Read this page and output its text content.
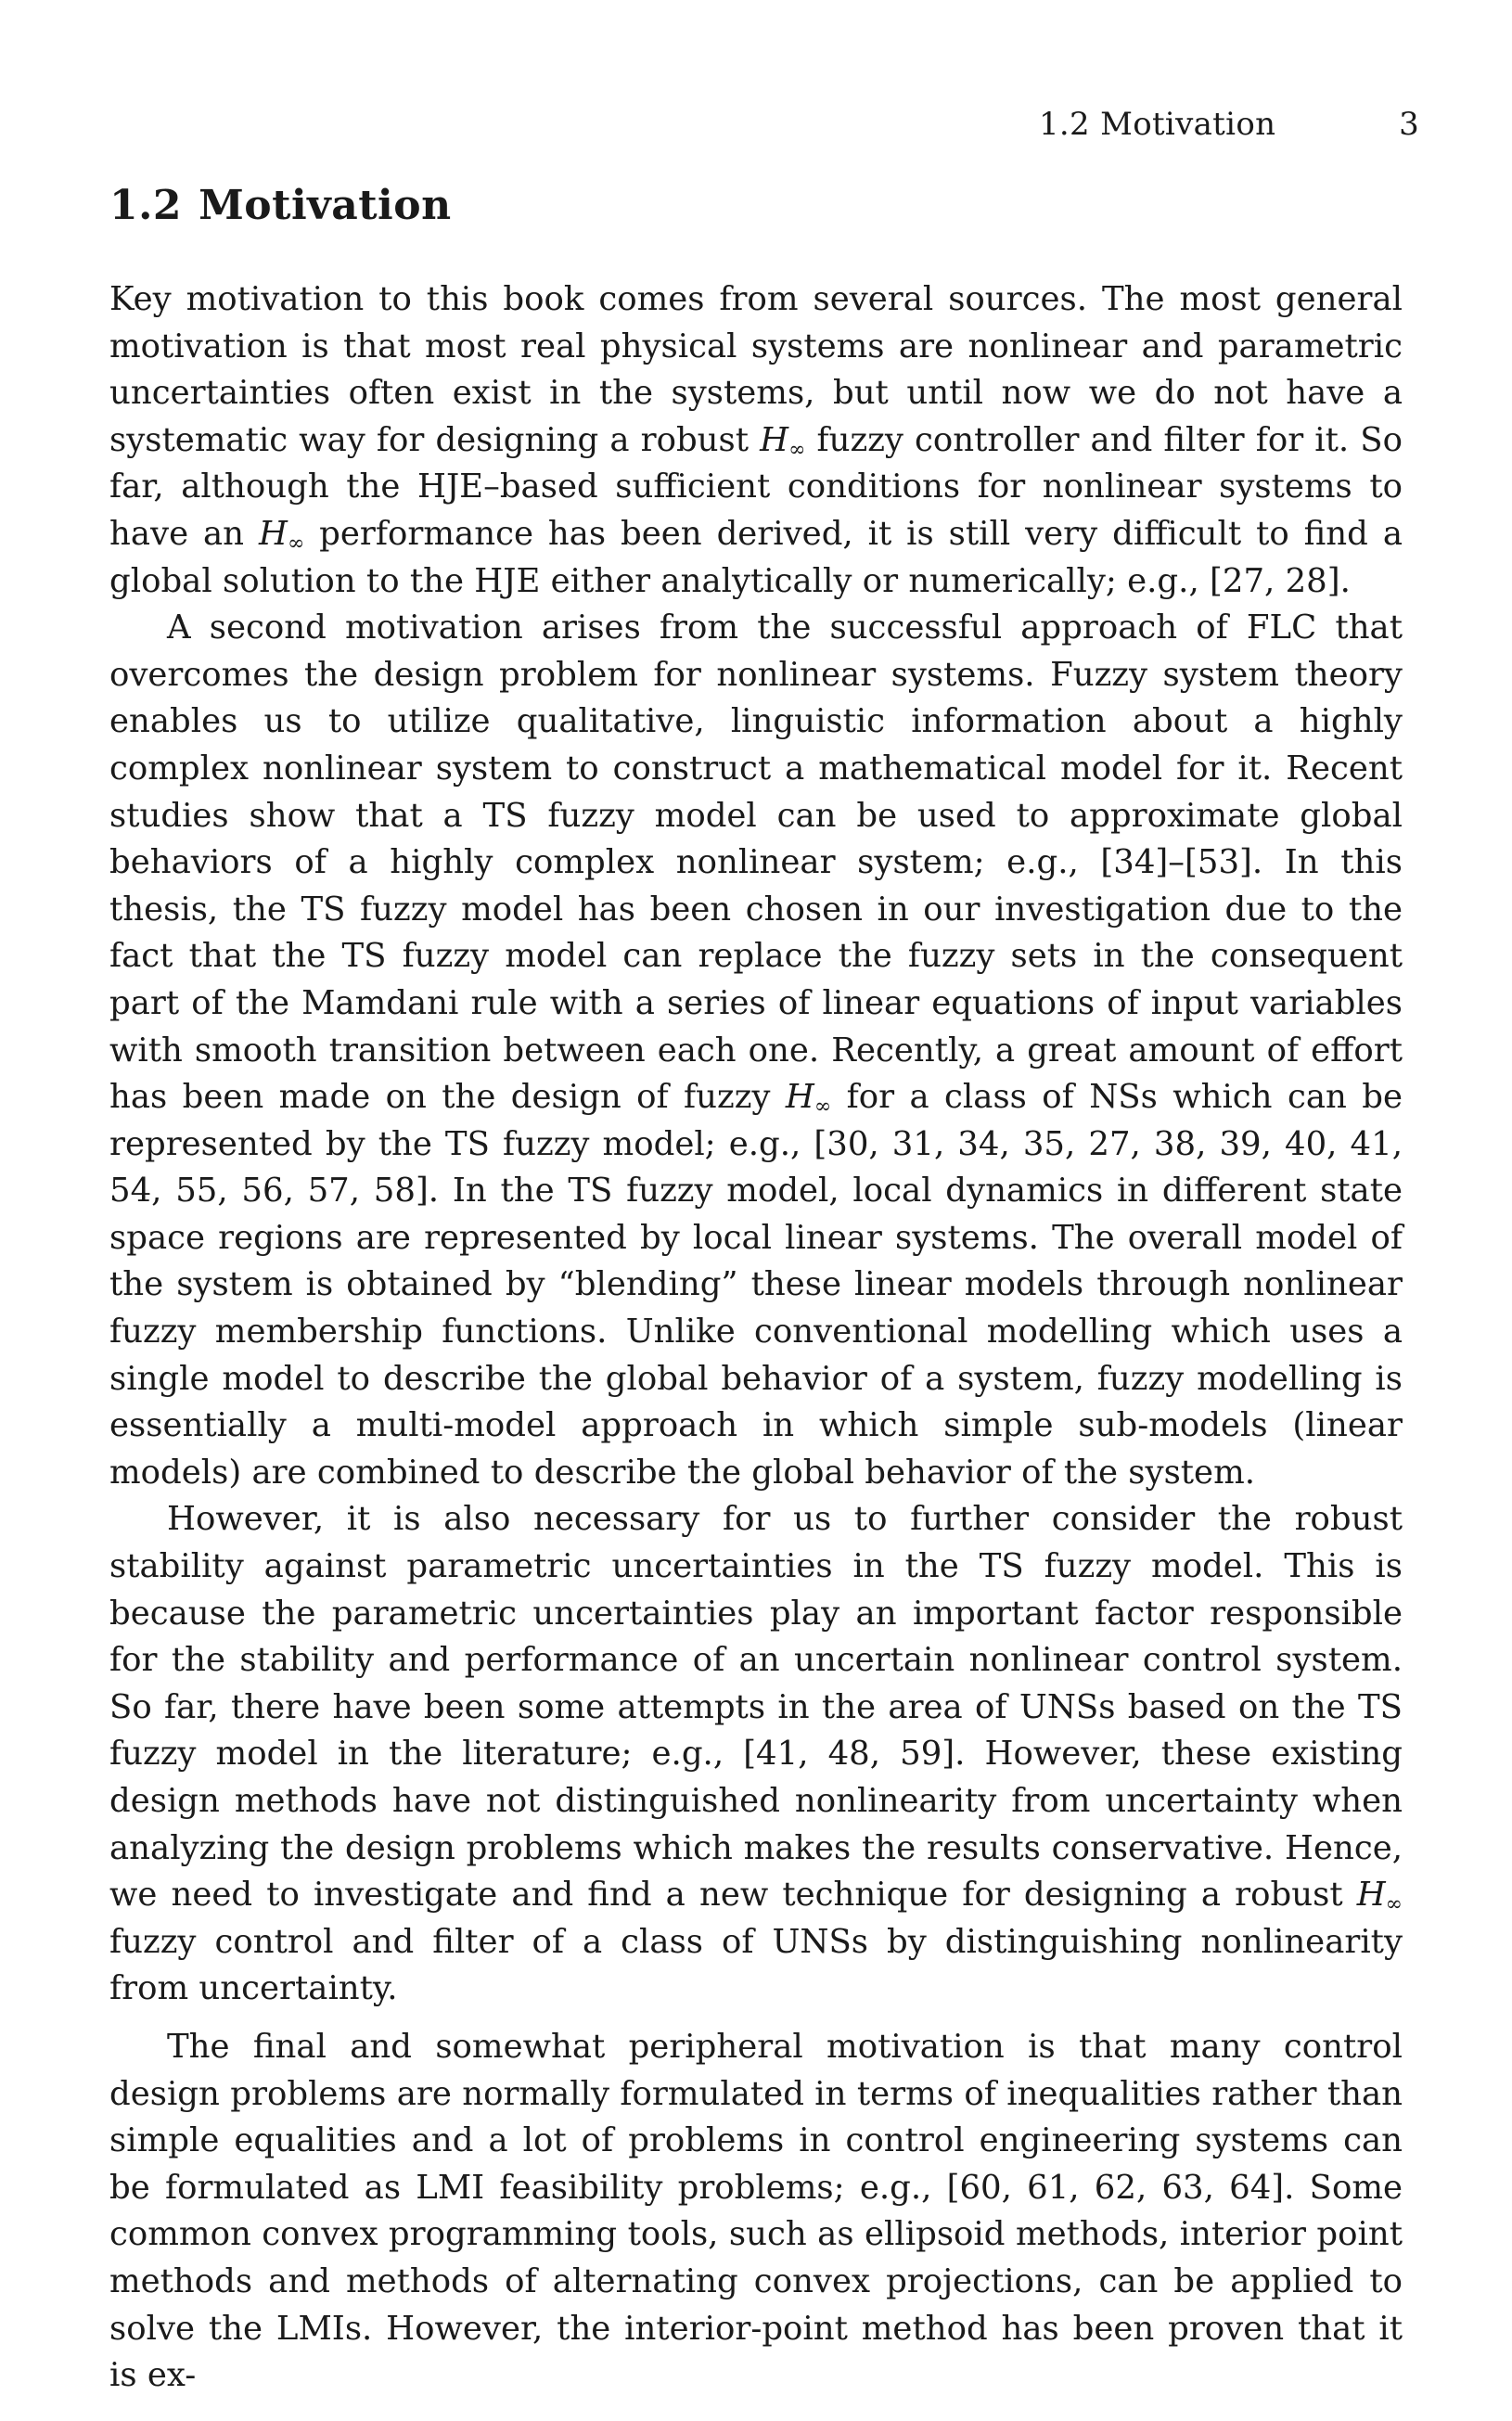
1.2 Motivation	3
1.2 Motivation

Key motivation to this book comes from several sources. The most general motivation is that most real physical systems are nonlinear and parametric uncertainties often exist in the systems, but until now we do not have a systematic way for designing a robust $H_\infty$ fuzzy controller and filter for it. So far, although the HJE–based sufficient conditions for nonlinear systems to have an $H_\infty$ performance has been derived, it is still very difficult to find a global solution to the HJE either analytically or numerically; e.g., [27, 28].

A second motivation arises from the successful approach of FLC that overcomes the design problem for nonlinear systems. Fuzzy system theory enables us to utilize qualitative, linguistic information about a highly complex nonlinear system to construct a mathematical model for it. Recent studies show that a TS fuzzy model can be used to approximate global behaviors of a highly complex nonlinear system; e.g., [34]–[53]. In this thesis, the TS fuzzy model has been chosen in our investigation due to the fact that the TS fuzzy model can replace the fuzzy sets in the consequent part of the Mamdani rule with a series of linear equations of input variables with smooth transition between each one. Recently, a great amount of effort has been made on the design of fuzzy $H_\infty$ for a class of NSs which can be represented by the TS fuzzy model; e.g., [30, 31, 34, 35, 27, 38, 39, 40, 41, 54, 55, 56, 57, 58]. In the TS fuzzy model, local dynamics in different state space regions are represented by local linear systems. The overall model of the system is obtained by “blending” these linear models through nonlinear fuzzy membership functions. Unlike conventional modelling which uses a single model to describe the global behavior of a system, fuzzy modelling is essentially a multi-model approach in which simple sub-models (linear models) are combined to describe the global behavior of the system.

However, it is also necessary for us to further consider the robust stability against parametric uncertainties in the TS fuzzy model. This is because the parametric uncertainties play an important factor responsible for the stability and performance of an uncertain nonlinear control system. So far, there have been some attempts in the area of UNSs based on the TS fuzzy model in the literature; e.g., [41, 48, 59]. However, these existing design methods have not distinguished nonlinearity from uncertainty when analyzing the design problems which makes the results conservative. Hence, we need to investigate and find a new technique for designing a robust $H_\infty$ fuzzy control and filter of a class of UNSs by distinguishing nonlinearity from uncertainty.

The final and somewhat peripheral motivation is that many control design problems are normally formulated in terms of inequalities rather than simple equalities and a lot of problems in control engineering systems can be formulated as LMI feasibility problems; e.g., [60, 61, 62, 63, 64]. Some common convex programming tools, such as ellipsoid methods, interior point methods and methods of alternating convex projections, can be applied to solve the LMIs. However, the interior-point method has been proven that it is ex-
